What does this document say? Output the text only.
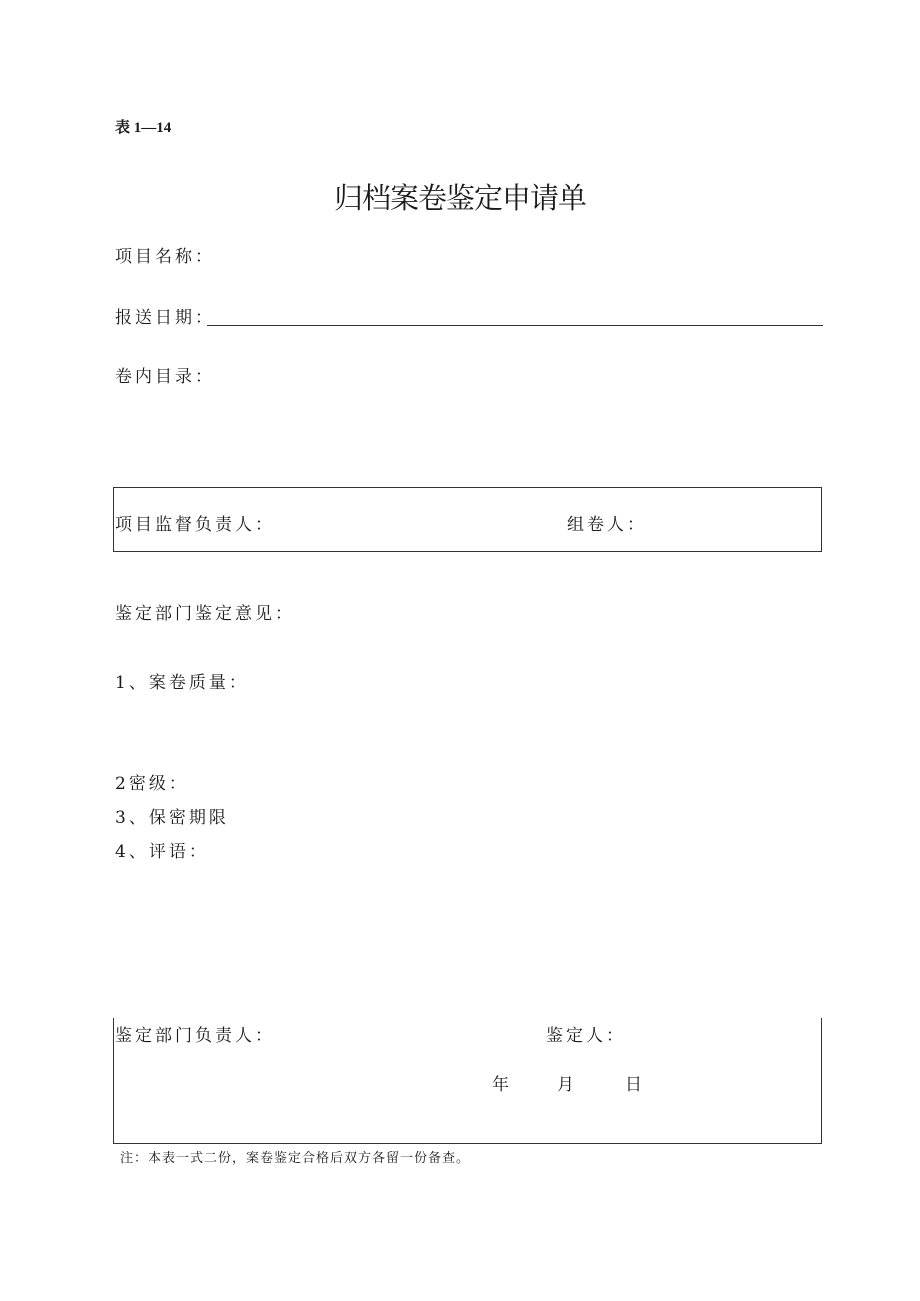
表 1—14
归档案卷鉴定申请单
项目名称：
报送日期：
卷内目录：
项目监督负责人：	组卷人：
鉴定部门鉴定意见：
1、案卷质量：
2密级：
3、保密期限
4、评语：
鉴定部门负责人：	鉴定人：
年	月	日
注：本表一式二份，案卷鉴定合格后双方各留一份备查。
